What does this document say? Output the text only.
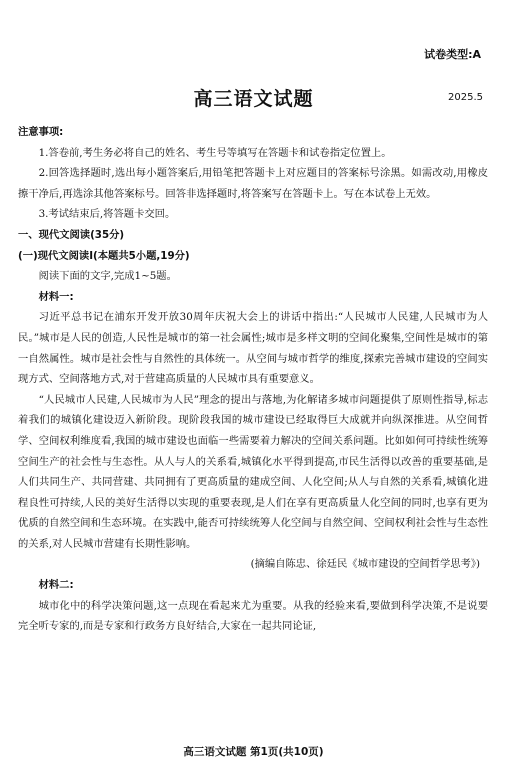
试卷类型:A
高三语文试题	2025.5

注意事项:

1.答卷前,考生务必将自己的姓名、考生号等填写在答题卡和试卷指定位置上。

2.回答选择题时,选出每小题答案后,用铅笔把答题卡上对应题目的答案标号涂黑。如需改动,用橡皮擦干净后,再选涂其他答案标号。回答非选择题时,将答案写在答题卡上。写在本试卷上无效。

3.考试结束后,将答题卡交回。

一、现代文阅读(35分)

(一)现代文阅读Ⅰ(本题共5小题,19分)

阅读下面的文字,完成1~5题。

材料一:

习近平总书记在浦东开发开放30周年庆祝大会上的讲话中指出:“人民城市人民建,人民城市为人民。”城市是人民的创造,人民性是城市的第一社会属性;城市是多样文明的空间化聚集,空间性是城市的第一自然属性。城市是社会性与自然性的具体统一。从空间与城市哲学的维度,探索完善城市建设的空间实现方式、空间落地方式,对于营建高质量的人民城市具有重要意义。

“人民城市人民建,人民城市为人民”理念的提出与落地,为化解诸多城市问题提供了原则性指导,标志着我们的城镇化建设迈入新阶段。现阶段我国的城市建设已经取得巨大成就并向纵深推进。从空间哲学、空间权利维度看,我国的城市建设也面临一些需要着力解决的空间关系问题。比如如何可持续性统筹空间生产的社会性与生态性。从人与人的关系看,城镇化水平得到提高,市民生活得以改善的重要基础,是人们共同生产、共同营建、共同拥有了更高质量的建成空间、人化空间;从人与自然的关系看,城镇化进程良性可持续,人民的美好生活得以实现的重要表现,是人们在享有更高质量人化空间的同时,也享有更为优质的自然空间和生态环境。在实践中,能否可持续统筹人化空间与自然空间、空间权利社会性与生态性的关系,对人民城市营建有长期性影响。

(摘编自陈忠、徐廷民《城市建设的空间哲学思考》)

材料二:

城市化中的科学决策问题,这一点现在看起来尤为重要。从我的经验来看,要做到科学决策,不是说要完全听专家的,而是专家和行政务方良好结合,大家在一起共同论证,

高三语文试题 第1页(共10页)
